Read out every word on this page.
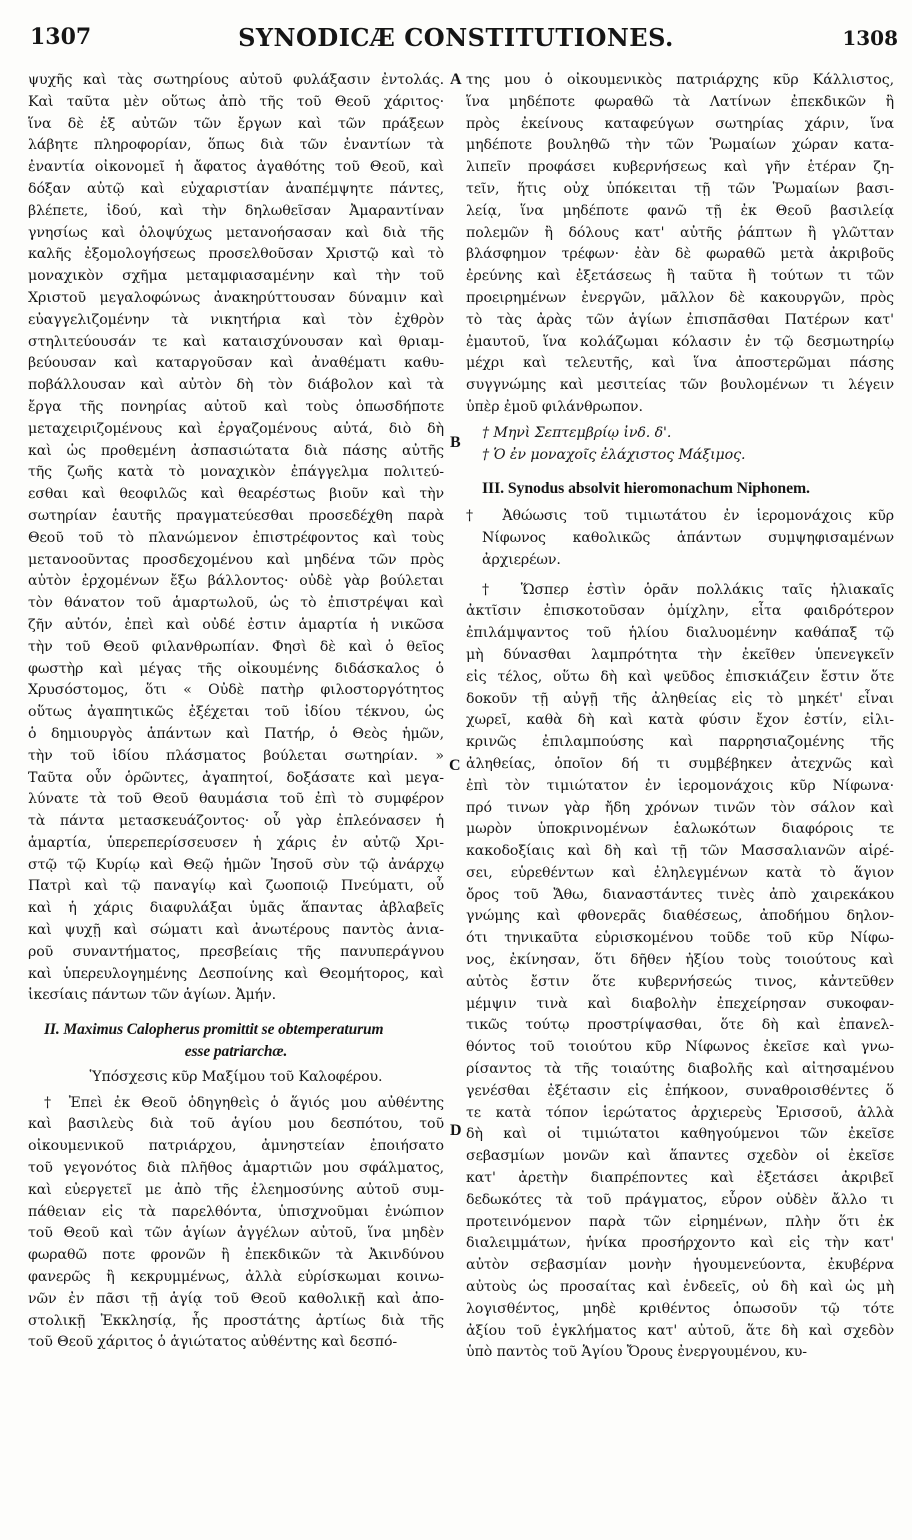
1307	SYNODICÆ CONSTITUTIONES.	1308
A
B
C
D
ψυχῆς καὶ τὰς σωτηρίους αὐτοῦ φυλάξασιν ἐντολάς.
Καὶ ταῦτα μὲν οὕτως ἀπὸ τῆς τοῦ Θεοῦ χάριτος·
ἵνα δὲ ἐξ αὐτῶν τῶν ἔργων καὶ τῶν πράξεων
λάβητε πληροφορίαν, ὅπως διὰ τῶν ἐναντίων τὰ
ἐναντία οἰκονομεῖ ἡ ἄφατος ἀγαθότης τοῦ Θεοῦ, καὶ
δόξαν αὐτῷ καὶ εὐχαριστίαν ἀναπέμψητε πάντες,
βλέπετε, ἰδού, καὶ τὴν δηλωθεῖσαν Ἀμαραντίναν
γνησίως καὶ ὁλοψύχως μετανοήσασαν καὶ διὰ τῆς
καλῆς ἐξομολογήσεως προσελθοῦσαν Χριστῷ καὶ τὸ
μοναχικὸν σχῆμα μεταμφιασαμένην καὶ τὴν τοῦ
Χριστοῦ μεγαλοφώνως ἀνακηρύττουσαν δύναμιν καὶ
εὐαγγελιζομένην τὰ νικητήρια καὶ τὸν ἐχθρὸν
στηλιτεύουσάν τε καὶ καταισχύνουσαν καὶ θριαμ-
βεύουσαν καὶ καταργοῦσαν καὶ ἀναθέματι καθυ-
ποβάλλουσαν καὶ αὐτὸν δὴ τὸν διάβολον καὶ τὰ
ἔργα τῆς πονηρίας αὐτοῦ καὶ τοὺς ὁπωσδήποτε
μεταχειριζομένους καὶ ἐργαζομένους αὐτά, διὸ δὴ
καὶ ὡς προθεμένη ἀσπασιώτατα διὰ πάσης αὐτῆς
τῆς ζωῆς κατὰ τὸ μοναχικὸν ἐπάγγελμα πολιτεύ-
εσθαι καὶ θεοφιλῶς καὶ θεαρέστως βιοῦν καὶ τὴν
σωτηρίαν ἑαυτῆς πραγματεύεσθαι προσεδέχθη παρὰ
Θεοῦ τοῦ τὸ πλανώμενον ἐπιστρέφοντος καὶ τοὺς
μετανοοῦντας προσδεχομένου καὶ μηδένα τῶν πρὸς
αὐτὸν ἐρχομένων ἔξω βάλλοντος· οὐδὲ γὰρ βούλεται
τὸν θάνατον τοῦ ἁμαρτωλοῦ, ὡς τὸ ἐπιστρέψαι καὶ
ζῆν αὐτόν, ἐπεὶ καὶ οὐδέ ἐστιν ἁμαρτία ἡ νικῶσα
τὴν τοῦ Θεοῦ φιλανθρωπίαν. Φησὶ δὲ καὶ ὁ θεῖος
φωστὴρ καὶ μέγας τῆς οἰκουμένης διδάσκαλος ὁ
Χρυσόστομος, ὅτι « Οὐδὲ πατὴρ φιλοστοργότητος
οὕτως ἀγαπητικῶς ἐξέχεται τοῦ ἰδίου τέκνου, ὡς
ὁ δημιουργὸς ἁπάντων καὶ Πατήρ, ὁ Θεὸς ἡμῶν,
τὴν τοῦ ἰδίου πλάσματος βούλεται σωτηρίαν. »
Ταῦτα οὖν ὁρῶντες, ἀγαπητοί, δοξάσατε καὶ μεγα-
λύνατε τὰ τοῦ Θεοῦ θαυμάσια τοῦ ἐπὶ τὸ συμφέρον
τὰ πάντα μετασκευάζοντος· οὗ γὰρ ἐπλεόνασεν ἡ
ἁμαρτία, ὑπερεπερίσσευσεν ἡ χάρις ἐν αὐτῷ Χρι-
στῷ τῷ Κυρίῳ καὶ Θεῷ ἡμῶν Ἰησοῦ σὺν τῷ ἀνάρχῳ
Πατρὶ καὶ τῷ παναγίῳ καὶ ζωοποιῷ Πνεύματι, οὗ
καὶ ἡ χάρις διαφυλάξαι ὑμᾶς ἅπαντας ἀβλαβεῖς
καὶ ψυχῇ καὶ σώματι καὶ ἀνωτέρους παντὸς ἀνια-
ροῦ συναντήματος, πρεσβείαις τῆς πανυπεράγνου
καὶ ὑπερευλογημένης Δεσποίνης καὶ Θεομήτορος, καὶ
ἱκεσίαις πάντων τῶν ἁγίων. Ἀμήν.
II. Maximus Calopherus promittit se obtemperaturum
esse patriarchæ.
Ὑπόσχεσις κῦρ Μαξίμου τοῦ Καλοφέρου.
† Ἐπεὶ ἐκ Θεοῦ ὁδηγηθεὶς ὁ ἅγιός μου αὐθέντης
καὶ βασιλεὺς διὰ τοῦ ἁγίου μου δεσπότου, τοῦ
οἰκουμενικοῦ πατριάρχου, ἀμνηστείαν ἐποιήσατο
τοῦ γεγονότος διὰ πλῆθος ἁμαρτιῶν μου σφάλματος,
καὶ εὐεργετεῖ με ἀπὸ τῆς ἐλεημοσύνης αὐτοῦ συμ-
πάθειαν εἰς τὰ παρελθόντα, ὑπισχνοῦμαι ἐνώπιον
τοῦ Θεοῦ καὶ τῶν ἁγίων ἀγγέλων αὐτοῦ, ἵνα μηδὲν
φωραθῶ ποτε φρονῶν ἢ ἐπεκδικῶν τὰ Ἀκινδύνου
φανερῶς ἢ κεκρυμμένως, ἀλλὰ εὑρίσκωμαι κοινω-
νῶν ἐν πᾶσι τῇ ἁγίᾳ τοῦ Θεοῦ καθολικῇ καὶ ἀπο-
στολικῇ Ἐκκλησίᾳ, ἧς προστάτης ἀρτίως διὰ τῆς
τοῦ Θεοῦ χάριτος ὁ ἁγιώτατος αὐθέντης καὶ δεσπό-
της μου ὁ οἰκουμενικὸς πατριάρχης κῦρ Κάλλιστος,
ἵνα μηδέποτε φωραθῶ τὰ Λατίνων ἐπεκδικῶν ἢ
πρὸς ἐκείνους καταφεύγων σωτηρίας χάριν, ἵνα
μηδέποτε βουληθῶ τὴν τῶν Ῥωμαίων χώραν κατα-
λιπεῖν προφάσει κυβερνήσεως καὶ γῆν ἑτέραν ζη-
τεῖν, ἥτις οὐχ ὑπόκειται τῇ τῶν Ῥωμαίων βασι-
λείᾳ, ἵνα μηδέποτε φανῶ τῇ ἐκ Θεοῦ βασιλείᾳ
πολεμῶν ἢ δόλους κατ' αὐτῆς ῥάπτων ἢ γλῶτταν
βλάσφημον τρέφων· ἐὰν δὲ φωραθῶ μετὰ ἀκριβοῦς
ἐρεύνης καὶ ἐξετάσεως ἢ ταῦτα ἢ τούτων τι τῶν
προειρημένων ἐνεργῶν, μᾶλλον δὲ κακουργῶν, πρὸς
τὸ τὰς ἀρὰς τῶν ἁγίων ἐπισπᾶσθαι Πατέρων κατ'
ἐμαυτοῦ, ἵνα κολάζωμαι κόλασιν ἐν τῷ δεσμωτηρίῳ
μέχρι καὶ τελευτῆς, καὶ ἵνα ἀποστερῶμαι πάσης
συγγνώμης καὶ μεσιτείας τῶν βουλομένων τι λέγειν
ὑπὲρ ἐμοῦ φιλάνθρωπον.
† Μηνὶ Σεπτεμβρίῳ ἰνδ. δ'.
† Ὁ ἐν μοναχοῖς ἐλάχιστος Μάξιμος.
III. Synodus absolvit hieromonachum Niphonem.
† Ἀθώωσις τοῦ τιμιωτάτου ἐν ἱερομονάχοις κῦρ
Νίφωνος καθολικῶς ἁπάντων συμψηφισαμένων
ἀρχιερέων.
† Ὥσπερ ἐστὶν ὁρᾶν πολλάκις ταῖς ἡλιακαῖς
ἀκτῖσιν ἐπισκοτοῦσαν ὁμίχλην, εἶτα φαιδρότερον
ἐπιλάμψαντος τοῦ ἡλίου διαλυομένην καθάπαξ τῷ
μὴ δύνασθαι λαμπρότητα τὴν ἐκεῖθεν ὑπενεγκεῖν
εἰς τέλος, οὕτω δὴ καὶ ψεῦδος ἐπισκιάζειν ἔστιν ὅτε
δοκοῦν τῇ αὐγῇ τῆς ἀληθείας εἰς τὸ μηκέτ' εἶναι
χωρεῖ, καθὰ δὴ καὶ κατὰ φύσιν ἔχον ἐστίν, εἰλι-
κρινῶς ἐπιλαμπούσης καὶ παρρησιαζομένης τῆς
ἀληθείας, ὁποῖον δή τι συμβέβηκεν ἀτεχνῶς καὶ
ἐπὶ τὸν τιμιώτατον ἐν ἱερομονάχοις κῦρ Νίφωνα·
πρό τινων γὰρ ἤδη χρόνων τινῶν τὸν σάλον καὶ
μωρὸν ὑποκρινομένων ἑαλωκότων διαφόροις τε
κακοδοξίαις καὶ δὴ καὶ τῇ τῶν Μασσαλιανῶν αἱρέ-
σει, εὑρεθέντων καὶ ἐληλεγμένων κατὰ τὸ ἅγιον
ὄρος τοῦ Ἄθω, διαναστάντες τινὲς ἀπὸ χαιρεκάκου
γνώμης καὶ φθονερᾶς διαθέσεως, ἀποδήμου δηλον-
ότι τηνικαῦτα εὑρισκομένου τοῦδε τοῦ κῦρ Νίφω-
νος, ἐκίνησαν, ὅτι δῆθεν ἠξίου τοὺς τοιούτους καὶ
αὐτὸς ἔστιν ὅτε κυβερνήσεώς τινος, κἀντεῦθεν
μέμψιν τινὰ καὶ διαβολὴν ἐπεχείρησαν συκοφαν-
τικῶς τούτῳ προστρίψασθαι, ὅτε δὴ καὶ ἐπανελ-
θόντος τοῦ τοιούτου κῦρ Νίφωνος ἐκεῖσε καὶ γνω-
ρίσαντος τὰ τῆς τοιαύτης διαβολῆς καὶ αἰτησαμένου
γενέσθαι ἐξέτασιν εἰς ἐπήκοον, συναθροισθέντες ὅ
τε κατὰ τόπον ἱερώτατος ἀρχιερεὺς Ἐρισσοῦ, ἀλλὰ
δὴ καὶ οἱ τιμιώτατοι καθηγούμενοι τῶν ἐκεῖσε
σεβασμίων μονῶν καὶ ἅπαντες σχεδὸν οἱ ἐκεῖσε
κατ' ἀρετὴν διαπρέποντες καὶ ἐξετάσει ἀκριβεῖ
δεδωκότες τὰ τοῦ πράγματος, εὗρον οὐδὲν ἄλλο τι
προτεινόμενον παρὰ τῶν εἰρημένων, πλὴν ὅτι ἐκ
διαλειμμάτων, ἡνίκα προσήρχοντο καὶ εἰς τὴν κατ'
αὐτὸν σεβασμίαν μονὴν ἡγουμενεύοντα, ἐκυβέρνα
αὐτοὺς ὡς προσαίτας καὶ ἐνδεεῖς, οὐ δὴ καὶ ὡς μὴ
λογισθέντος, μηδὲ κριθέντος ὁπωσοῦν τῷ τότε
ἀξίου τοῦ ἐγκλήματος κατ' αὐτοῦ, ἅτε δὴ καὶ σχεδὸν
ὑπὸ παντὸς τοῦ Ἁγίου Ὄρους ἐνεργουμένου, κυ-
